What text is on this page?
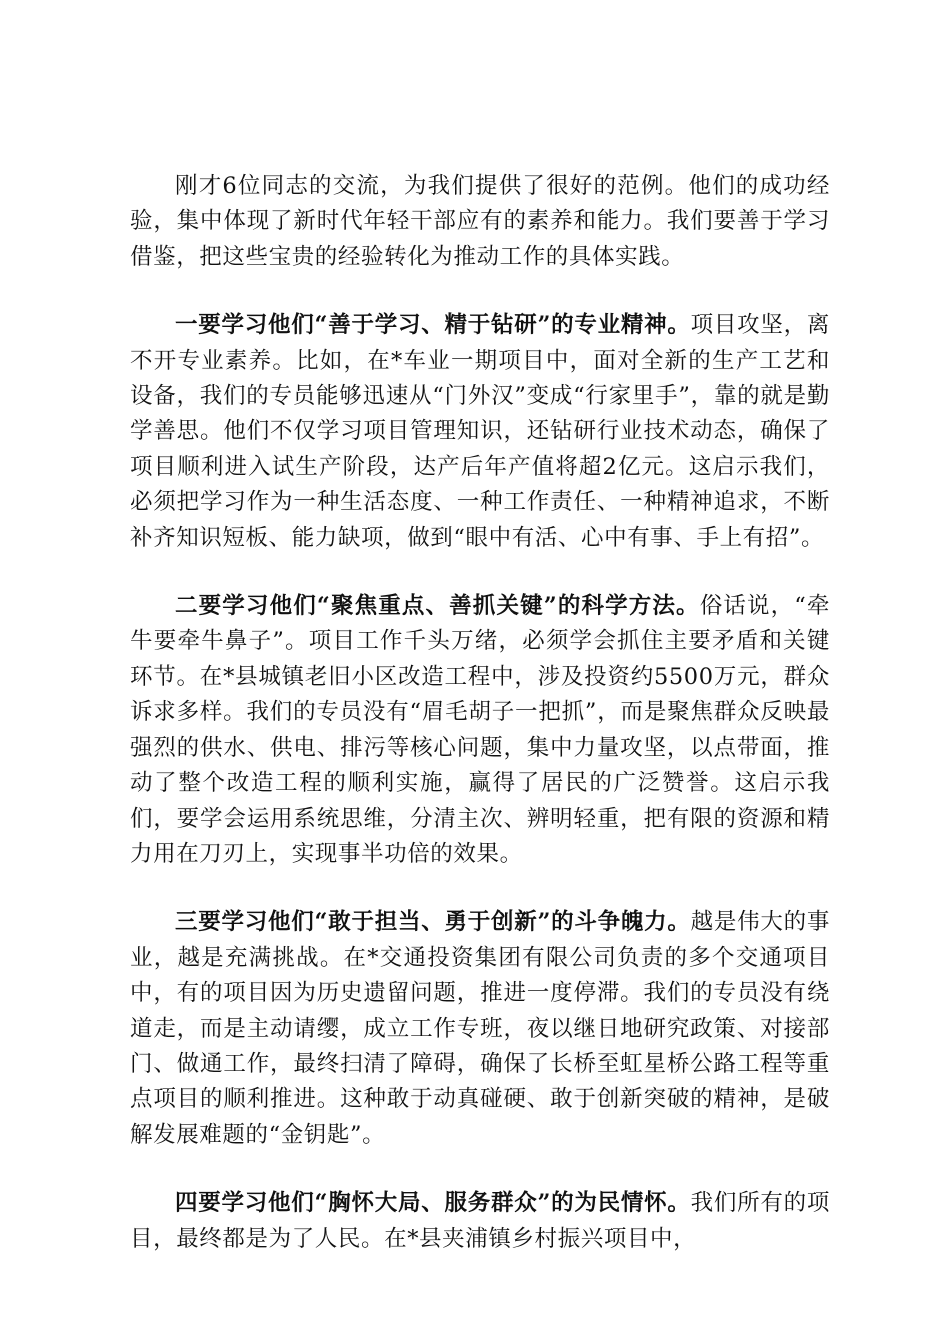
刚才6位同志的交流，为我们提供了很好的范例。他们的成功经验，集中体现了新时代年轻干部应有的素养和能力。我们要善于学习借鉴，把这些宝贵的经验转化为推动工作的具体实践。

一要学习他们“善于学习、精于钻研”的专业精神。项目攻坚，离不开专业素养。比如，在*车业一期项目中，面对全新的生产工艺和设备，我们的专员能够迅速从“门外汉”变成“行家里手”，靠的就是勤学善思。他们不仅学习项目管理知识，还钻研行业技术动态，确保了项目顺利进入试生产阶段，达产后年产值将超2亿元。这启示我们，必须把学习作为一种生活态度、一种工作责任、一种精神追求，不断补齐知识短板、能力缺项，做到“眼中有活、心中有事、手上有招”。

二要学习他们“聚焦重点、善抓关键”的科学方法。俗话说，“牵牛要牵牛鼻子”。项目工作千头万绪，必须学会抓住主要矛盾和关键环节。在*县城镇老旧小区改造工程中，涉及投资约5500万元，群众诉求多样。我们的专员没有“眉毛胡子一把抓”，而是聚焦群众反映最强烈的供水、供电、排污等核心问题，集中力量攻坚，以点带面，推动了整个改造工程的顺利实施，赢得了居民的广泛赞誉。这启示我们，要学会运用系统思维，分清主次、辨明轻重，把有限的资源和精力用在刀刃上，实现事半功倍的效果。

三要学习他们“敢于担当、勇于创新”的斗争魄力。越是伟大的事业，越是充满挑战。在*交通投资集团有限公司负责的多个交通项目中，有的项目因为历史遗留问题，推进一度停滞。我们的专员没有绕道走，而是主动请缨，成立工作专班，夜以继日地研究政策、对接部门、做通工作，最终扫清了障碍，确保了长桥至虹星桥公路工程等重点项目的顺利推进。这种敢于动真碰硬、敢于创新突破的精神，是破解发展难题的“金钥匙”。

四要学习他们“胸怀大局、服务群众”的为民情怀。我们所有的项目，最终都是为了人民。在*县夹浦镇乡村振兴项目中，
